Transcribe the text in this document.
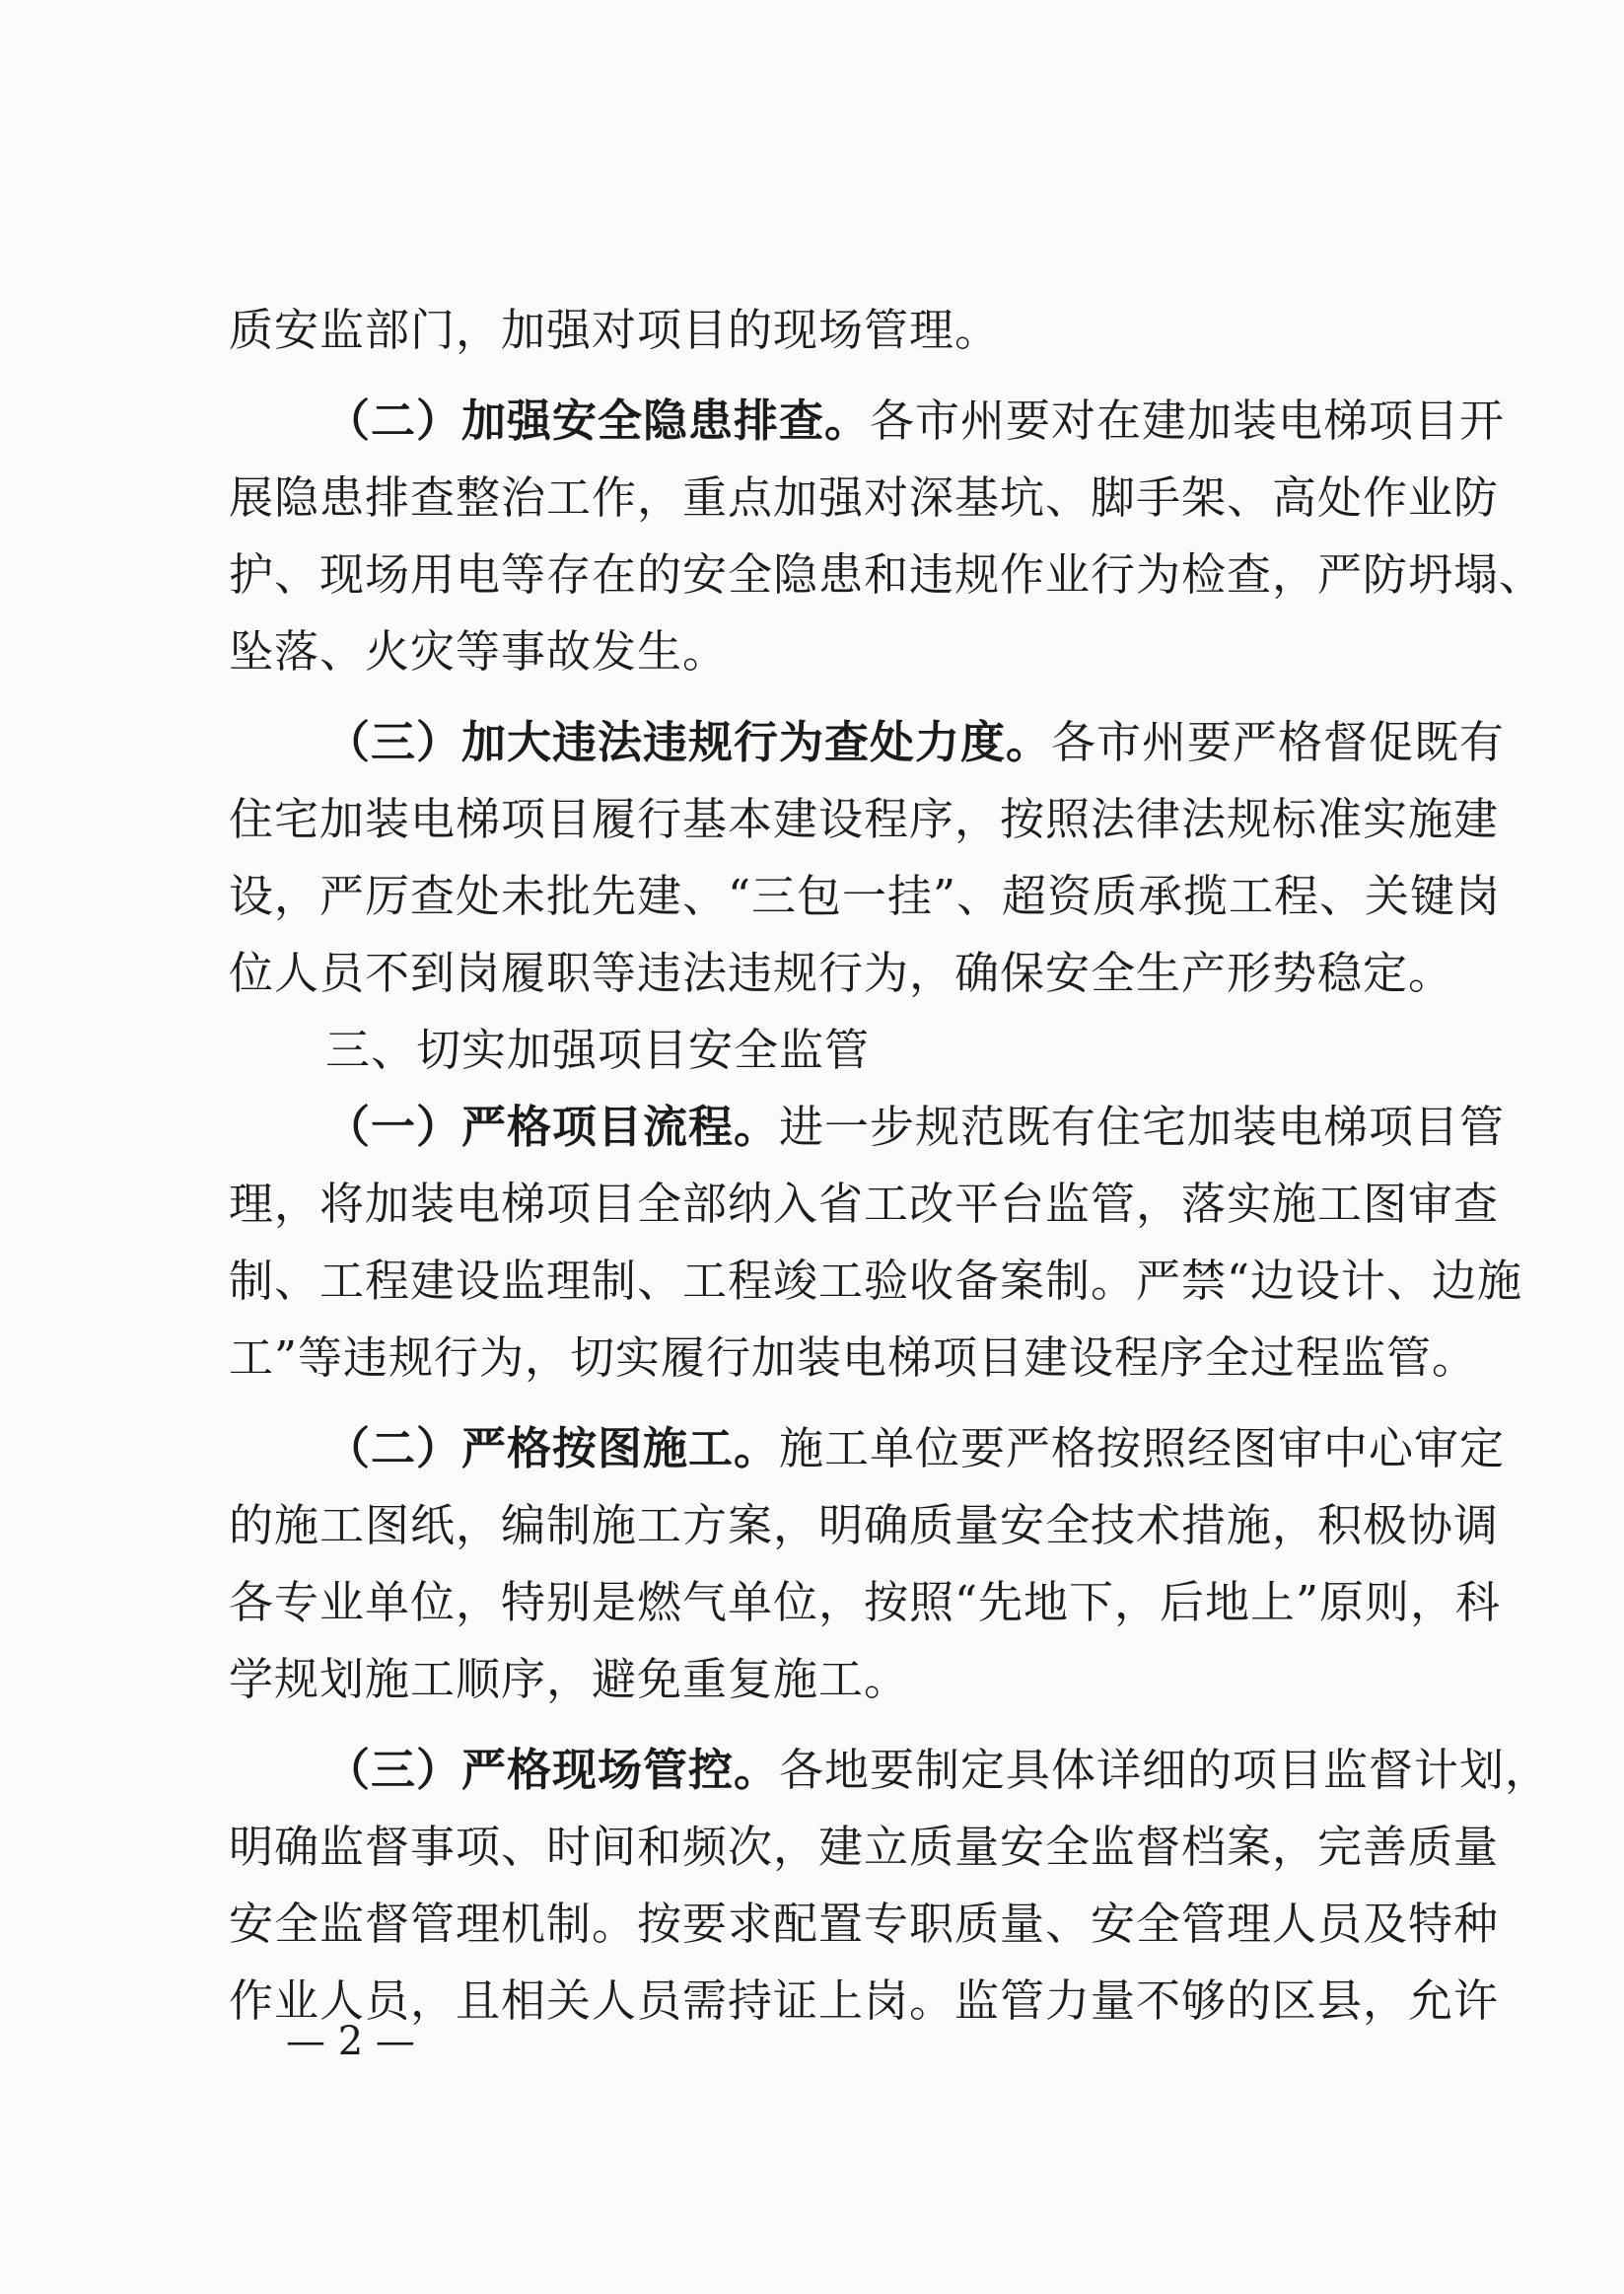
质安监部门，加强对项目的现场管理。
（二）加强安全隐患排查。各市州要对在建加装电梯项目开
展隐患排查整治工作，重点加强对深基坑、脚手架、高处作业防
护、现场用电等存在的安全隐患和违规作业行为检查，严防坍塌、
坠落、火灾等事故发生。
（三）加大违法违规行为查处力度。各市州要严格督促既有
住宅加装电梯项目履行基本建设程序，按照法律法规标准实施建
设，严厉查处未批先建、“三包一挂”、超资质承揽工程、关键岗
位人员不到岗履职等违法违规行为，确保安全生产形势稳定。
三、切实加强项目安全监管
（一）严格项目流程。进一步规范既有住宅加装电梯项目管
理，将加装电梯项目全部纳入省工改平台监管，落实施工图审查
制、工程建设监理制、工程竣工验收备案制。严禁“边设计、边施
工”等违规行为，切实履行加装电梯项目建设程序全过程监管。
（二）严格按图施工。施工单位要严格按照经图审中心审定
的施工图纸，编制施工方案，明确质量安全技术措施，积极协调
各专业单位，特别是燃气单位，按照“先地下，后地上”原则，科
学规划施工顺序，避免重复施工。
（三）严格现场管控。各地要制定具体详细的项目监督计划，
明确监督事项、时间和频次，建立质量安全监督档案，完善质量
安全监督管理机制。按要求配置专职质量、安全管理人员及特种
作业人员，且相关人员需持证上岗。监管力量不够的区县，允许
— 2 —
